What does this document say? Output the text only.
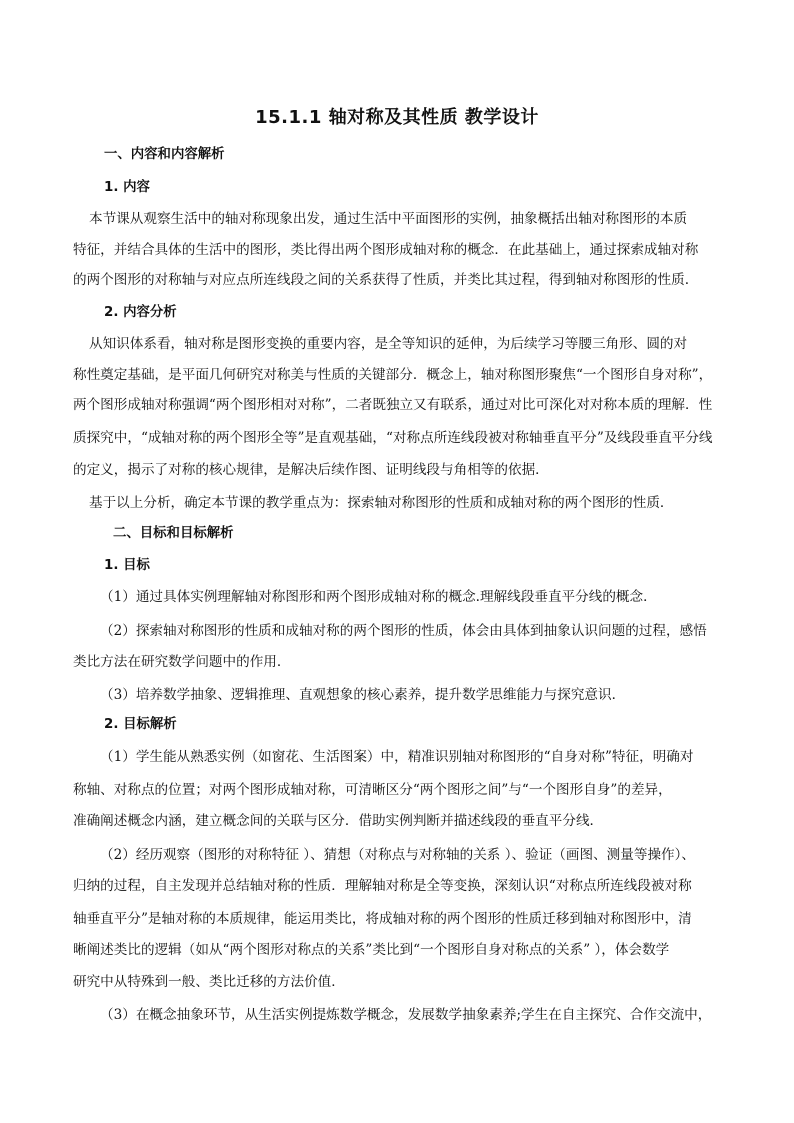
15.1.1 轴对称及其性质 教学设计
一、内容和内容解析
1. 内容
本节课从观察生活中的轴对称现象出发，通过生活中平面图形的实例，抽象概括出轴对称图形的本质
特征，并结合具体的生活中的图形，类比得出两个图形成轴对称的概念．在此基础上，通过探索成轴对称
的两个图形的对称轴与对应点所连线段之间的关系获得了性质，并类比其过程，得到轴对称图形的性质.
2. 内容分析
从知识体系看，轴对称是图形变换的重要内容，是全等知识的延伸，为后续学习等腰三角形、圆的对
称性奠定基础，是平面几何研究对称美与性质的关键部分．概念上，轴对称图形聚焦“一个图形自身对称”，
两个图形成轴对称强调“两个图形相对对称”，二者既独立又有联系，通过对比可深化对对称本质的理解．性
质探究中，“成轴对称的两个图形全等”是直观基础，“对称点所连线段被对称轴垂直平分”及线段垂直平分线
的定义，揭示了对称的核心规律，是解决后续作图、证明线段与角相等的依据．
基于以上分析，确定本节课的教学重点为：探索轴对称图形的性质和成轴对称的两个图形的性质．
二、目标和目标解析
1. 目标
（1）通过具体实例理解轴对称图形和两个图形成轴对称的概念.理解线段垂直平分线的概念．
（2）探索轴对称图形的性质和成轴对称的两个图形的性质，体会由具体到抽象认识问题的过程，感悟
类比方法在研究数学问题中的作用．
（3）培养数学抽象、逻辑推理、直观想象的核心素养，提升数学思维能力与探究意识．
2. 目标解析
（1）学生能从熟悉实例（如窗花、生活图案）中，精准识别轴对称图形的“自身对称”特征，明确对
称轴、对称点的位置；对两个图形成轴对称，可清晰区分“两个图形之间”与“一个图形自身”的差异，
准确阐述概念内涵，建立概念间的关联与区分．借助实例判断并描述线段的垂直平分线．
（2）经历观察（图形的对称特征 ）、猜想（对称点与对称轴的关系 ）、验证（画图、测量等操作）、
归纳的过程，自主发现并总结轴对称的性质．理解轴对称是全等变换，深刻认识“对称点所连线段被对称
轴垂直平分”是轴对称的本质规律，能运用类比，将成轴对称的两个图形的性质迁移到轴对称图形中，清
晰阐述类比的逻辑（如从“两个图形对称点的关系”类比到“一个图形自身对称点的关系” ），体会数学
研究中从特殊到一般、类比迁移的方法价值．
（3）在概念抽象环节，从生活实例提炼数学概念，发展数学抽象素养;学生在自主探究、合作交流中，
